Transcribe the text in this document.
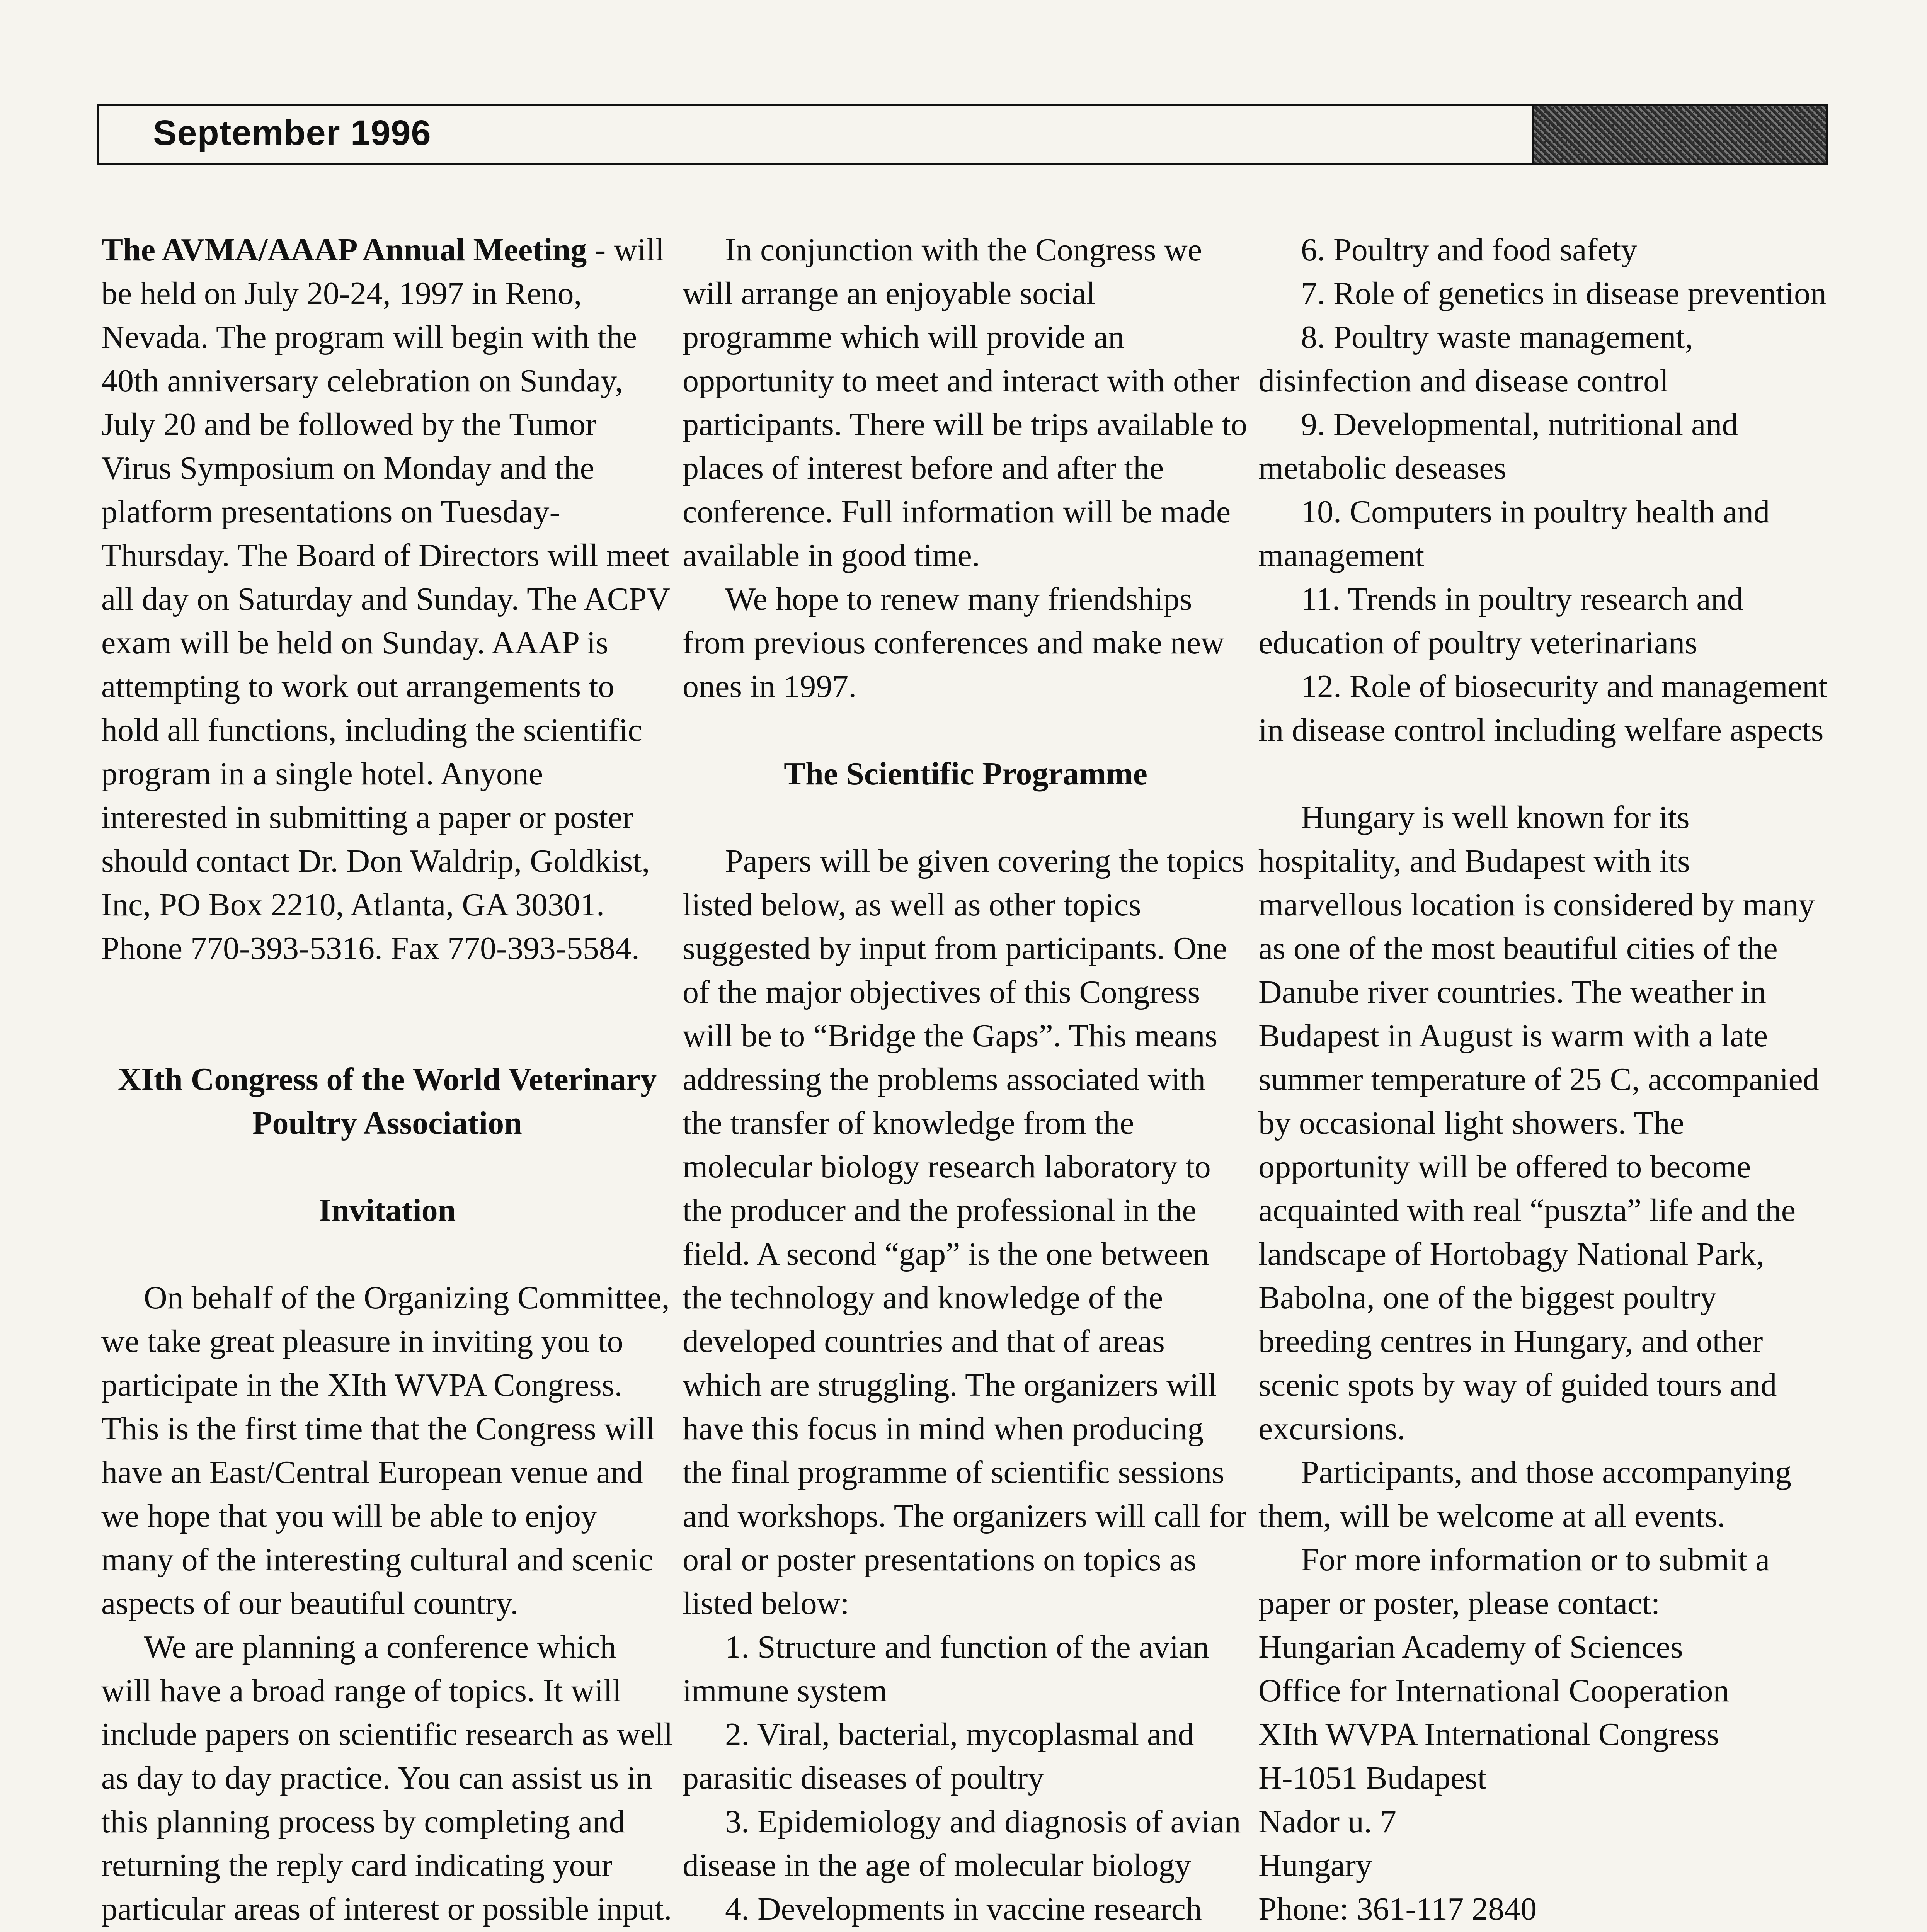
September 1996

The AVMA/AAAP Annual Meeting - will be held on July 20-24, 1997 in Reno, Nevada. The program will begin with the 40th anniversary celebration on Sunday, July 20 and be followed by the Tumor Virus Symposium on Monday and the platform presentations on Tuesday-Thursday. The Board of Directors will meet all day on Saturday and Sunday. The ACPV exam will be held on Sunday. AAAP is attempting to work out arrangements to hold all functions, including the scientific program in a single hotel. Anyone interested in submitting a paper or poster should contact Dr. Don Waldrip, Goldkist, Inc, PO Box 2210, Atlanta, GA 30301. Phone 770-393-5316. Fax 770-393-5584.

XIth Congress of the World Veterinary Poultry Association

Invitation

On behalf of the Organizing Committee, we take great pleasure in inviting you to participate in the XIth WVPA Congress. This is the first time that the Congress will have an East/Central European venue and we hope that you will be able to enjoy many of the interesting cultural and scenic aspects of our beautiful country.

We are planning a conference which will have a broad range of topics. It will include papers on scientific research as well as day to day practice. You can assist us in this planning process by completing and returning the reply card indicating your particular areas of interest or possible input.

In conjunction with the Congress we will arrange an enjoyable social programme which will provide an opportunity to meet and interact with other participants. There will be trips available to places of interest before and after the conference. Full information will be made available in good time.

We hope to renew many friendships from previous conferences and make new ones in 1997.

The Scientific Programme

Papers will be given covering the topics listed below, as well as other topics suggested by input from participants. One of the major objectives of this Congress will be to “Bridge the Gaps”. This means addressing the problems associated with the transfer of knowledge from the molecular biology research laboratory to the producer and the professional in the field. A second “gap” is the one between the technology and knowledge of the developed countries and that of areas which are struggling. The organizers will have this focus in mind when producing the final programme of scientific sessions and workshops. The organizers will call for oral or poster presentations on topics as listed below:

1. Structure and function of the avian immune system

2. Viral, bacterial, mycoplasmal and parasitic diseases of poultry

3. Epidemiology and diagnosis of avian disease in the age of molecular biology

4. Developments in vaccine research

6. Poultry and food safety

7. Role of genetics in disease prevention

8. Poultry waste management, disinfection and disease control

9. Developmental, nutritional and metabolic deseases

10. Computers in poultry health and management

11. Trends in poultry research and education of poultry veterinarians

12. Role of biosecurity and management in disease control including welfare aspects

Hungary is well known for its hospitality, and Budapest with its marvellous location is considered by many as one of the most beautiful cities of the Danube river countries. The weather in Budapest in August is warm with a late summer temperature of 25 C, accompanied by occasional light showers. The opportunity will be offered to become acquainted with real “puszta” life and the landscape of Hortobagy National Park, Babolna, one of the biggest poultry breeding centres in Hungary, and other scenic spots by way of guided tours and excursions.

Participants, and those accompanying them, will be welcome at all events.

For more information or to submit a paper or poster, please contact:

Hungarian Academy of Sciences

Office for International Cooperation

XIth WVPA International Congress

H-1051 Budapest

Nador u. 7

Hungary

Phone: 361-117 2840
